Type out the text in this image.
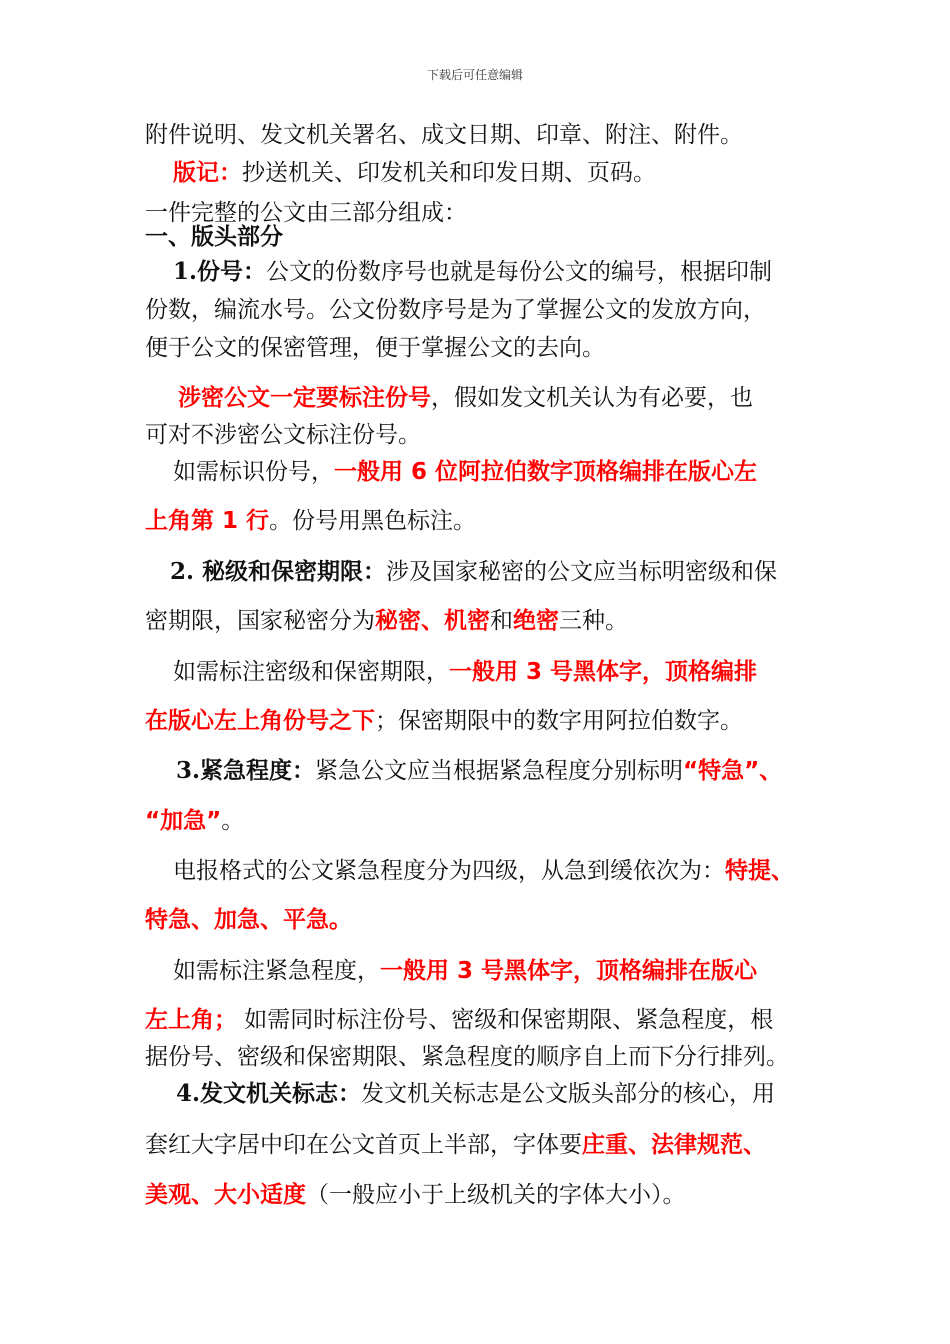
下载后可任意编辑
附件说明、发文机关署名、成文日期、印章、附注、附件。
版记：抄送机关、印发机关和印发日期、页码。
一件完整的公文由三部分组成：
一、版头部分
1.份号：公文的份数序号也就是每份公文的编号，根据印制
份数，编流水号。公文份数序号是为了掌握公文的发放方向，
便于公文的保密管理，便于掌握公文的去向。
涉密公文一定要标注份号，假如发文机关认为有必要，也
可对不涉密公文标注份号。
如需标识份号，一般用 6 位阿拉伯数字顶格编排在版心左
上角第 1 行。份号用黑色标注。
2. 秘级和保密期限：涉及国家秘密的公文应当标明密级和保
密期限，国家秘密分为秘密、机密和绝密三种。
如需标注密级和保密期限，一般用 3 号黑体字，顶格编排
在版心左上角份号之下；保密期限中的数字用阿拉伯数字。
3.紧急程度：紧急公文应当根据紧急程度分别标明“特急”、
“加急”。
电报格式的公文紧急程度分为四级，从急到缓依次为：特提、
特急、加急、平急。
如需标注紧急程度，一般用 3 号黑体字，顶格编排在版心
左上角； 如需同时标注份号、密级和保密期限、紧急程度，根
据份号、密级和保密期限、紧急程度的顺序自上而下分行排列。
4.发文机关标志：发文机关标志是公文版头部分的核心，用
套红大字居中印在公文首页上半部，字体要庄重、法律规范、
美观、大小适度（一般应小于上级机关的字体大小）。
